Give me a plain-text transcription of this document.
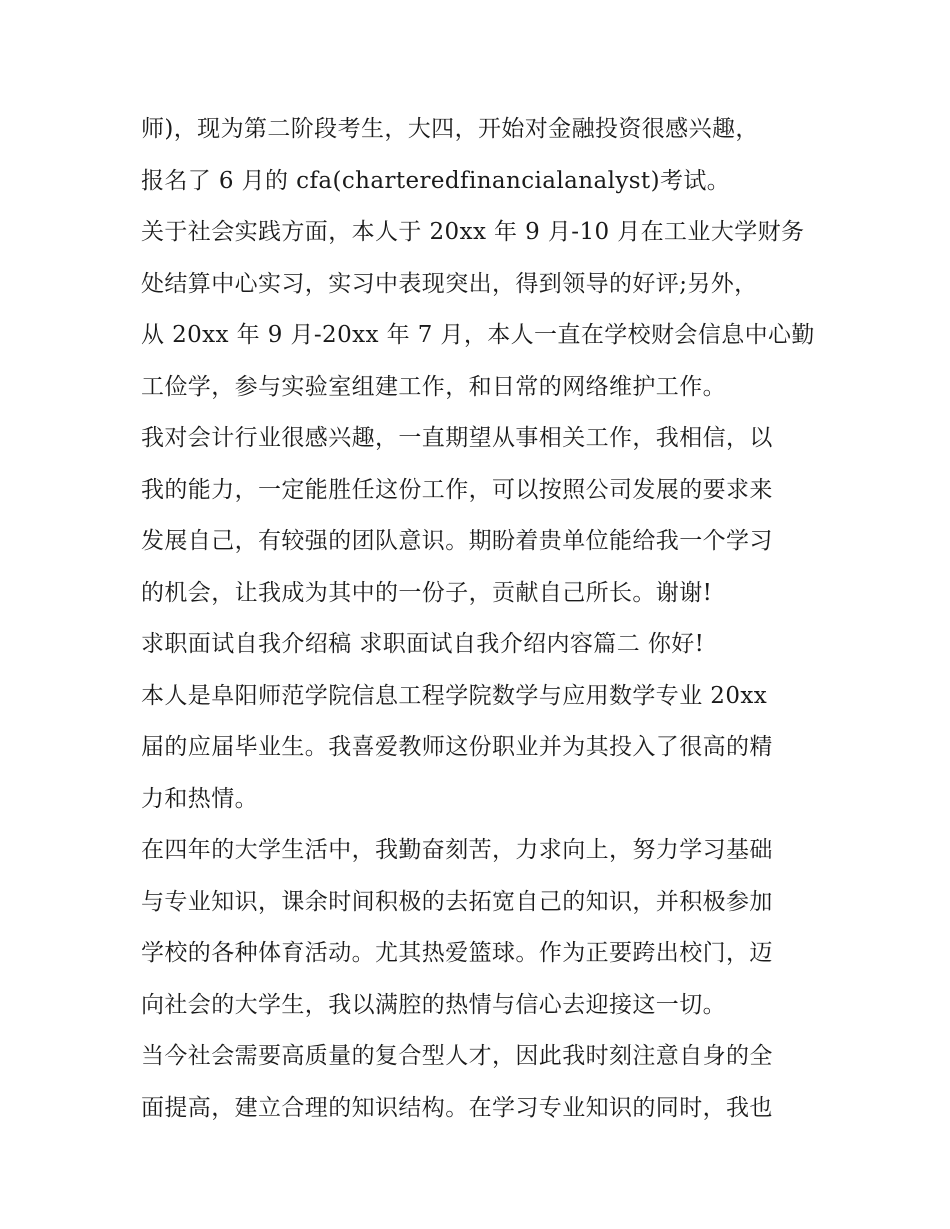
师)，现为第二阶段考生，大四，开始对金融投资很感兴趣，

报名了 6 月的 cfa(charteredfinancialanalyst)考试。

关于社会实践方面，本人于 20xx 年 9 月-10 月在工业大学财务

处结算中心实习，实习中表现突出，得到领导的好评;另外，

从 20xx 年 9 月-20xx 年 7 月，本人一直在学校财会信息中心勤

工俭学，参与实验室组建工作，和日常的网络维护工作。

我对会计行业很感兴趣，一直期望从事相关工作，我相信，以

我的能力，一定能胜任这份工作，可以按照公司发展的要求来

发展自己，有较强的团队意识。期盼着贵单位能给我一个学习

的机会，让我成为其中的一份子，贡献自己所长。谢谢!

求职面试自我介绍稿 求职面试自我介绍内容篇二 你好!

本人是阜阳师范学院信息工程学院数学与应用数学专业 20xx

届的应届毕业生。我喜爱教师这份职业并为其投入了很高的精

力和热情。

在四年的大学生活中，我勤奋刻苦，力求向上，努力学习基础

与专业知识，课余时间积极的去拓宽自己的知识，并积极参加

学校的各种体育活动。尤其热爱篮球。作为正要跨出校门，迈

向社会的大学生，我以满腔的热情与信心去迎接这一切。

当今社会需要高质量的复合型人才，因此我时刻注意自身的全

面提高，建立合理的知识结构。在学习专业知识的同时，我也
